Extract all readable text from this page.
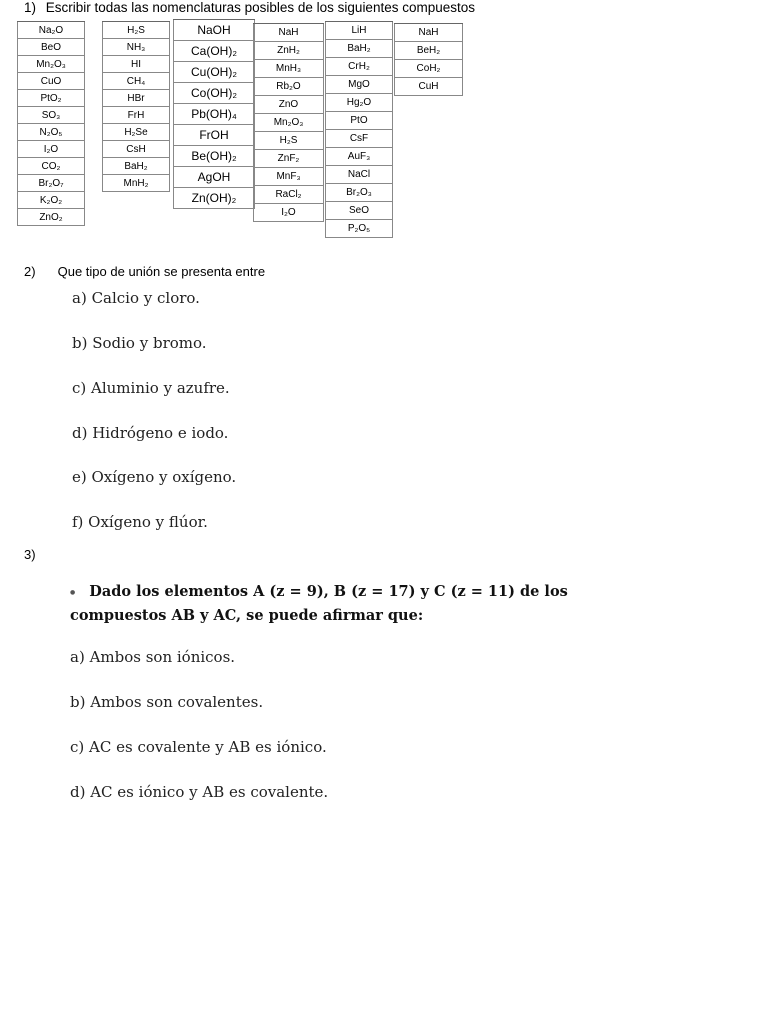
1) Escribir todas las nomenclaturas posibles de los siguientes compuestos
Na₂O
BeO
Mn₂O₃
CuO
PtO₂
SO₃
N₂O₅
I₂O
CO₂
Br₂O₇
K₂O₂
ZnO₂
H₂S
NH₃
HI
CH₄
HBr
FrH
H₂Se
CsH
BaH₂
MnH₂
NaOH
Ca(OH)₂
Cu(OH)₂
Co(OH)₂
Pb(OH)₄
FrOH
Be(OH)₂
AgOH
Zn(OH)₂
NaH
ZnH₂
MnH₃
Rb₂O
ZnO
Mn₂O₃
H₂S
ZnF₂
MnF₃
RaCl₂
I₂O
LiH
BaH₂
CrH₂
MgO
Hg₂O
PtO
CsF
AuF₃
NaCl
Br₂O₃
SeO
P₂O₅
NaH
BeH₂
CoH₂
CuH
2) Que tipo de unión se presenta entre
a) Calcio y cloro.
b) Sodio y bromo.
c) Aluminio y azufre.
d) Hidrógeno e iodo.
e) Oxígeno y oxígeno.
f) Oxígeno y flúor.
3)
● Dado los elementos A (z = 9), B (z = 17) y C (z = 11) de los compuestos AB y AC, se puede afirmar que:
a) Ambos son iónicos.
b) Ambos son covalentes.
c) AC es covalente y AB es iónico.
d) AC es iónico y AB es covalente.
